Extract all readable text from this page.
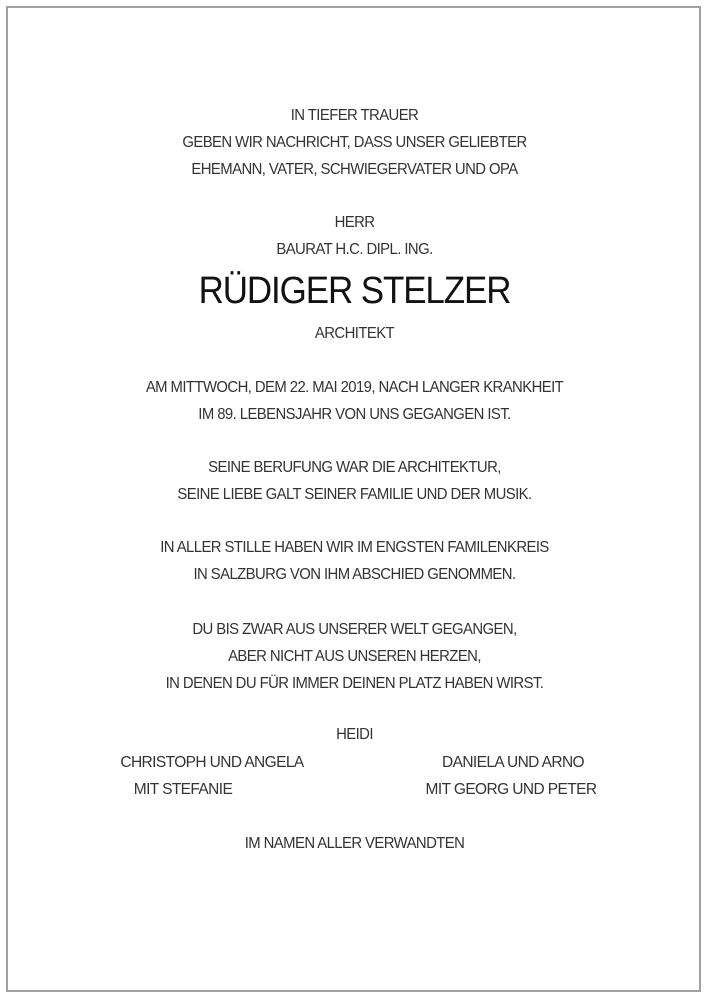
IN TIEFER TRAUER
GEBEN WIR NACHRICHT, DASS UNSER GELIEBTER
EHEMANN, VATER, SCHWIEGERVATER UND OPA
HERR
BAURAT H.C. DIPL. ING.
RÜDIGER STELZER
ARCHITEKT
AM MITTWOCH, DEM 22. MAI 2019, NACH LANGER KRANKHEIT
IM 89. LEBENSJAHR VON UNS GEGANGEN IST.
SEINE BERUFUNG WAR DIE ARCHITEKTUR,
SEINE LIEBE GALT SEINER FAMILIE UND DER MUSIK.
IN ALLER STILLE HABEN WIR IM ENGSTEN FAMILENKREIS
IN SALZBURG VON IHM ABSCHIED GENOMMEN.
DU BIS ZWAR AUS UNSERER WELT GEGANGEN,
ABER NICHT AUS UNSEREN HERZEN,
IN DENEN DU FÜR IMMER DEINEN PLATZ HABEN WIRST.
HEIDI
CHRISTOPH UND ANGELA
MIT STEFANIE
DANIELA UND ARNO
MIT GEORG UND PETER
IM NAMEN ALLER VERWANDTEN
